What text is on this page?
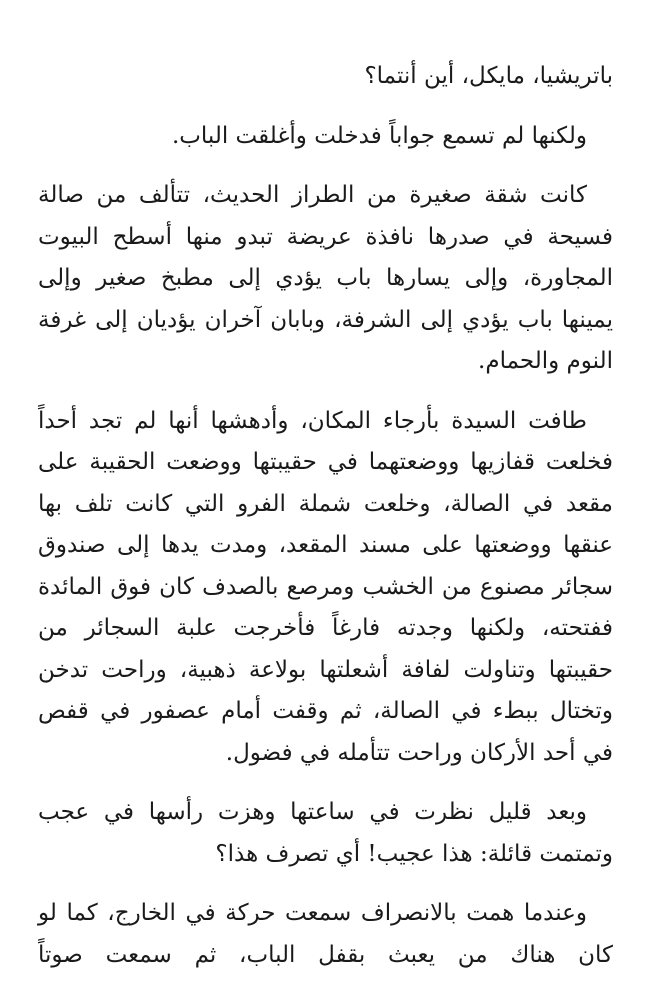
باتريشيا، مايكل، أين أنتما؟

ولكنها لم تسمع جواباً فدخلت وأغلقت الباب.

كانت شقة صغيرة من الطراز الحديث، تتألف من صالة فسيحة في صدرها نافذة عريضة تبدو منها أسطح البيوت المجاورة، وإلى يسارها باب يؤدي إلى مطبخ صغير وإلى يمينها باب يؤدي إلى الشرفة، وبابان آخران يؤديان إلى غرفة النوم والحمام.

طافت السيدة بأرجاء المكان، وأدهشها أنها لم تجد أحداً فخلعت قفازيها ووضعتهما في حقيبتها ووضعت الحقيبة على مقعد في الصالة، وخلعت شملة الفرو التي كانت تلف بها عنقها ووضعتها على مسند المقعد، ومدت يدها إلى صندوق سجائر مصنوع من الخشب ومرصع بالصدف كان فوق المائدة ففتحته، ولكنها وجدته فارغاً فأخرجت علبة السجائر من حقيبتها وتناولت لفافة أشعلتها بولاعة ذهبية، وراحت تدخن وتختال ببطء في الصالة، ثم وقفت أمام عصفور في قفص في أحد الأركان وراحت تتأمله في فضول.

وبعد قليل نظرت في ساعتها وهزت رأسها في عجب وتمتمت قائلة: هذا عجيب! أي تصرف هذا؟

وعندما همت بالانصراف سمعت حركة في الخارج، كما لو كان هناك من يعبث بقفل الباب، ثم سمعت صوتاً
